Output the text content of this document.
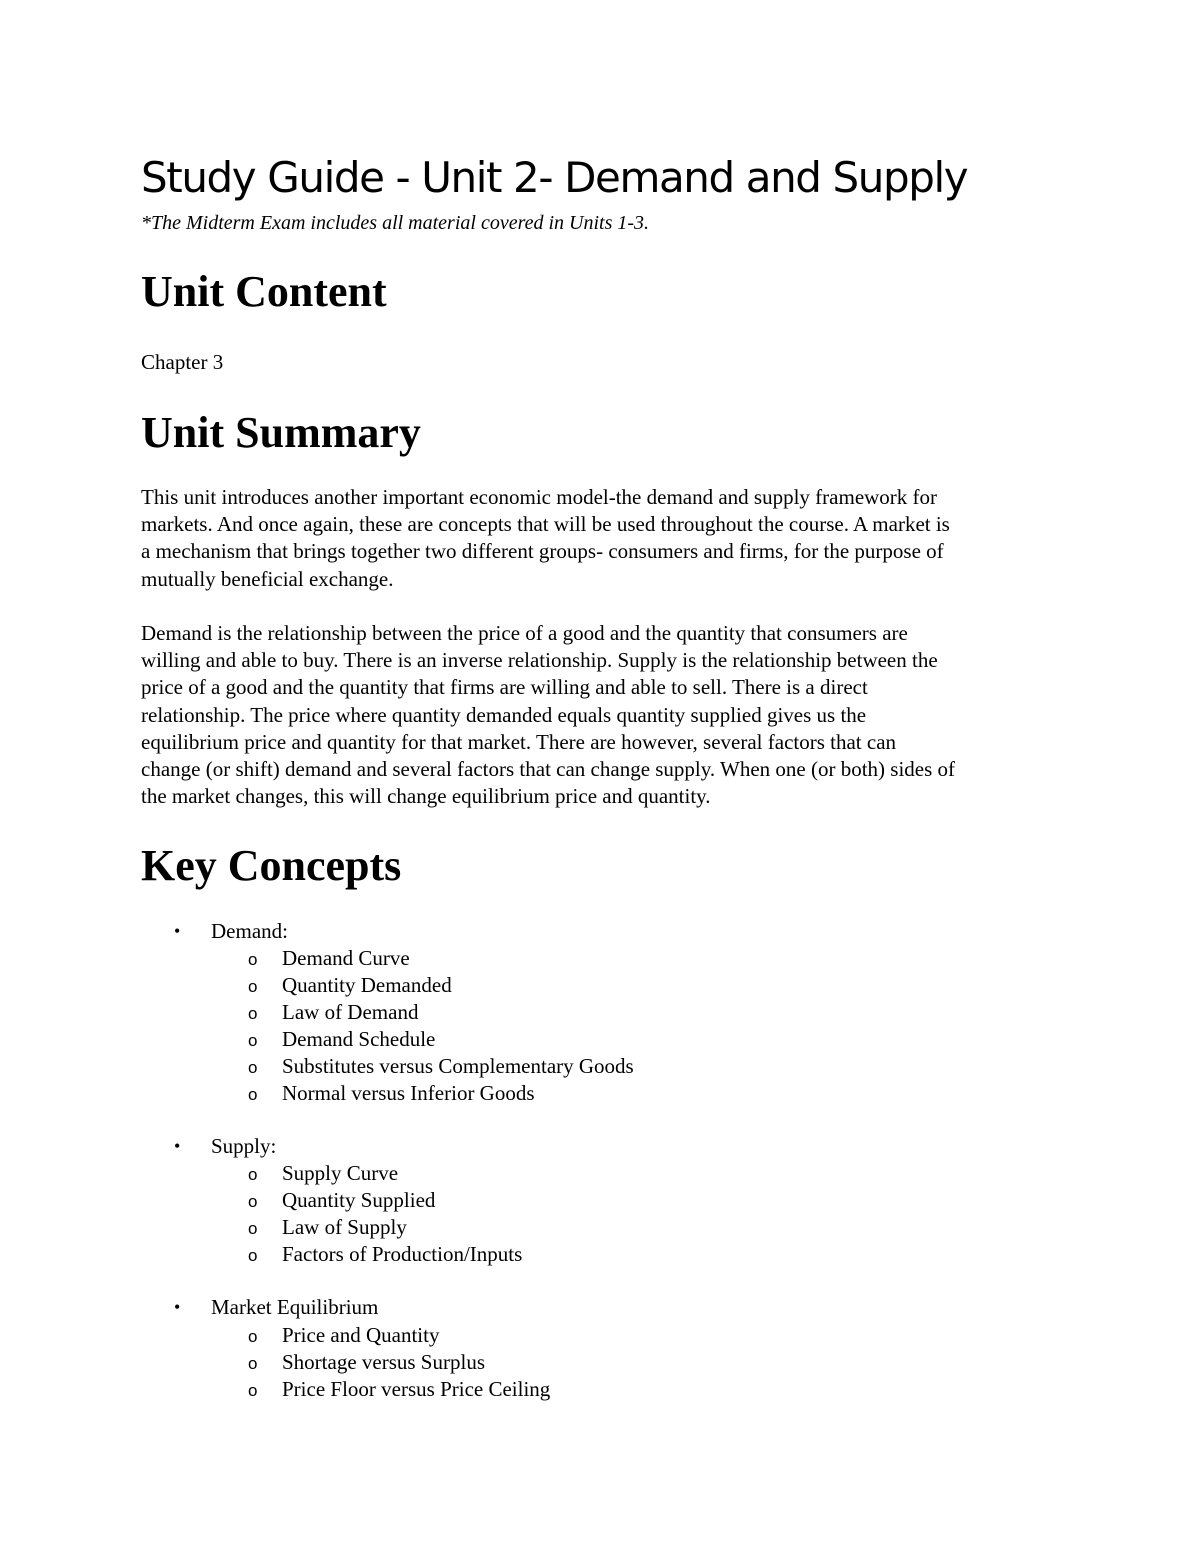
Study Guide - Unit 2- Demand and Supply

*The Midterm Exam includes all material covered in Units 1-3.

Unit Content

Chapter 3

Unit Summary

This unit introduces another important economic model-the demand and supply framework for
markets. And once again, these are concepts that will be used throughout the course. A market is
a mechanism that brings together two different groups- consumers and firms, for the purpose of
mutually beneficial exchange.

Demand is the relationship between the price of a good and the quantity that consumers are
willing and able to buy. There is an inverse relationship. Supply is the relationship between the
price of a good and the quantity that firms are willing and able to sell. There is a direct
relationship. The price where quantity demanded equals quantity supplied gives us the
equilibrium price and quantity for that market. There are however, several factors that can
change (or shift) demand and several factors that can change supply. When one (or both) sides of
the market changes, this will change equilibrium price and quantity.

Key Concepts
• Demand:
o Demand Curve
o Quantity Demanded
o Law of Demand
o Demand Schedule
o Substitutes versus Complementary Goods
o Normal versus Inferior Goods
• Supply:
o Supply Curve
o Quantity Supplied
o Law of Supply
o Factors of Production/Inputs
• Market Equilibrium
o Price and Quantity
o Shortage versus Surplus
o Price Floor versus Price Ceiling
